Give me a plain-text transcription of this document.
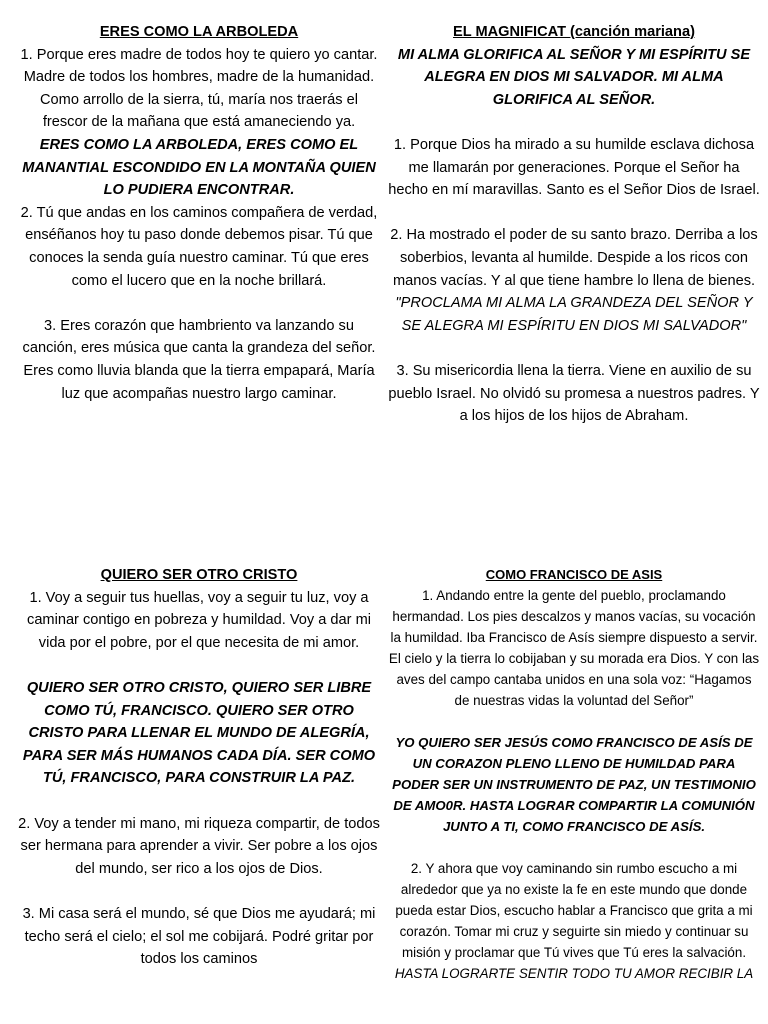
ERES COMO LA ARBOLEDA

1. Porque eres madre de todos hoy te quiero yo cantar. Madre de todos los hombres, madre de la humanidad. Como arrollo de la sierra, tú, maría nos traerás el frescor de la mañana que está amaneciendo ya.

ERES COMO LA ARBOLEDA, ERES COMO EL MANANTIAL ESCONDIDO EN LA MONTAÑA QUIEN LO PUDIERA ENCONTRAR.

2. Tú que andas en los caminos compañera de verdad, enséñanos hoy tu paso donde debemos pisar. Tú que conoces la senda guía nuestro caminar. Tú que eres como el lucero que en la noche brillará.

3. Eres corazón que hambriento va lanzando su canción, eres música que canta la grandeza del señor. Eres como lluvia blanda que la tierra empapará, María luz que acompañas nuestro largo caminar.

EL MAGNIFICAT (canción mariana)

MI ALMA GLORIFICA AL SEÑOR Y MI ESPÍRITU SE ALEGRA EN DIOS MI SALVADOR. MI ALMA GLORIFICA AL SEÑOR.

1. Porque Dios ha mirado a su humilde esclava dichosa me llamarán por generaciones. Porque el Señor ha hecho en mí maravillas. Santo es el Señor Dios de Israel.

2. Ha mostrado el poder de su santo brazo. Derriba a los soberbios, levanta al humilde. Despide a los ricos con manos vacías. Y al que tiene hambre lo llena de bienes.

"PROCLAMA MI ALMA LA GRANDEZA DEL SEÑOR Y SE ALEGRA MI ESPÍRITU EN DIOS MI SALVADOR"

3. Su misericordia llena la tierra. Viene en auxilio de su pueblo Israel. No olvidó su promesa a nuestros padres. Y a los hijos de los hijos de Abraham.

QUIERO SER OTRO CRISTO

1. Voy a seguir tus huellas, voy a seguir tu luz, voy a caminar contigo en pobreza y humildad. Voy a dar mi vida por el pobre, por el que necesita de mi amor.

QUIERO SER OTRO CRISTO, QUIERO SER LIBRE COMO TÚ, FRANCISCO. QUIERO SER OTRO CRISTO PARA LLENAR EL MUNDO DE ALEGRÍA, PARA SER MÁS HUMANOS CADA DÍA. SER COMO TÚ, FRANCISCO, PARA CONSTRUIR LA PAZ.

2. Voy a tender mi mano, mi riqueza compartir, de todos ser hermana para aprender a vivir. Ser pobre a los ojos del mundo, ser rico a los ojos de Dios.

3. Mi casa será el mundo, sé que Dios me ayudará; mi techo será el cielo; el sol me cobijará. Podré gritar por todos los caminos

COMO FRANCISCO DE ASIS

1. Andando entre la gente del pueblo, proclamando hermandad. Los pies descalzos y manos vacías, su vocación la humildad. Iba Francisco de Asís siempre dispuesto a servir. El cielo y la tierra lo cobijaban y su morada era Dios. Y con las aves del campo cantaba unidos en una sola voz: “Hagamos de nuestras vidas la voluntad del Señor”

YO QUIERO SER JESÚS COMO FRANCISCO DE ASÍS DE UN CORAZON PLENO LLENO DE HUMILDAD PARA PODER SER UN INSTRUMENTO DE PAZ, UN TESTIMONIO DE AMO0R. HASTA LOGRAR COMPARTIR LA COMUNIÓN JUNTO A TI, COMO FRANCISCO DE ASÍS.

2. Y ahora que voy caminando sin rumbo escucho a mi alrededor que ya no existe la fe en este mundo que donde pueda estar Dios, escucho hablar a Francisco que grita a mi corazón. Tomar mi cruz y seguirte sin miedo y continuar su misión y proclamar que Tú vives que Tú eres la salvación.

HASTA LOGRARTE SENTIR TODO TU AMOR RECIBIR LA
